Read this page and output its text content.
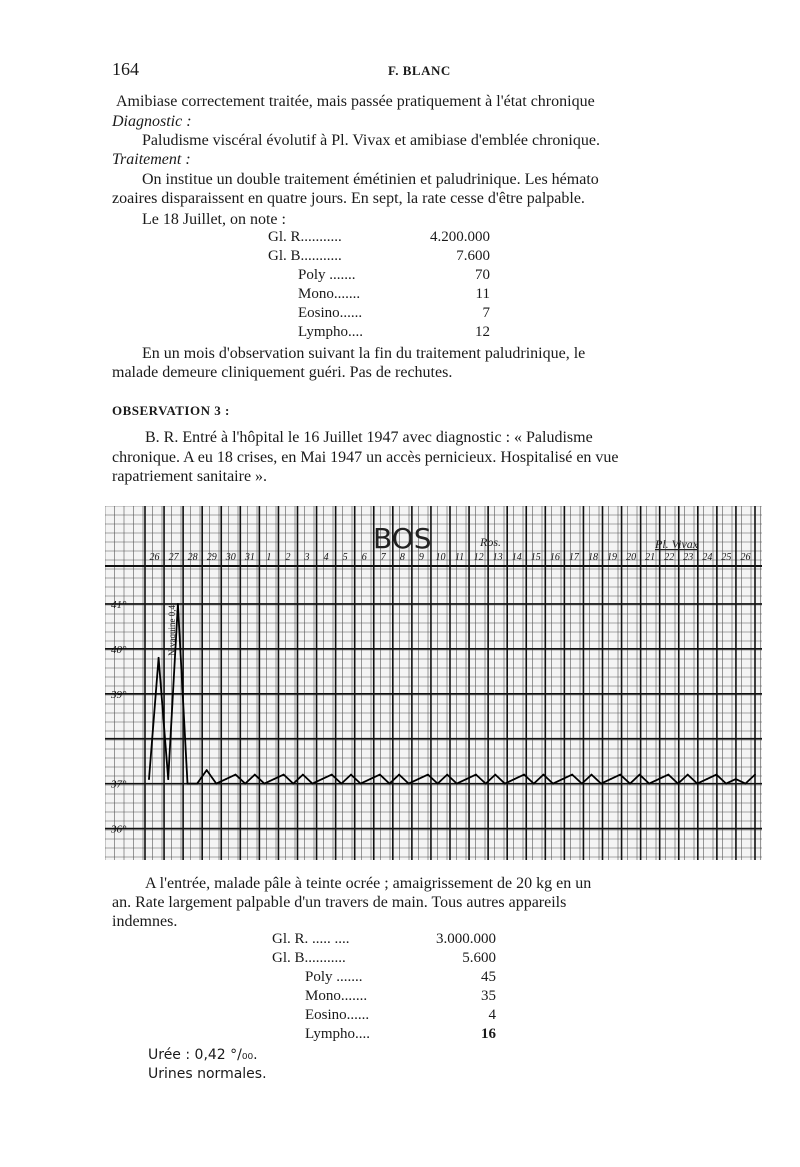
164	F. BLANC
Amibiase correctement traitée, mais passée pratiquement à l'état chronique
Diagnostic :
Paludisme viscéral évolutif à Pl. Vivax et amibiase d'emblée chronique.
Traitement :
On institue un double traitement émétinien et paludrinique. Les hémato
zoaires disparaissent en quatre jours. En sept, la rate cesse d'être palpable.
Le 18 Juillet, on note :
Gl. R...........	4.200.000
Gl. B...........	7.600
Poly .......	70
Mono.......	11
Eosino......	7
Lympho....	12
En un mois d'observation suivant la fin du traitement paludrinique, le
malade demeure cliniquement guéri. Pas de rechutes.
OBSERVATION 3 :
B. R. Entré à l'hôpital le 16 Juillet 1947 avec diagnostic : « Paludisme
chronique. A eu 18 crises, en Mai 1947 un accès pernicieux. Hospitalisé en vue
rapatriement sanitaire ».
26 27 28 29 30 31 1 2 3 4 5 6 7 8 9 10 11 12 13 14 15 16 17 18 19 20 21 22 23 24 25 26
41°
40°
39°
37°
36°
BOS	Ros.	Pl. Vivax
Nivaquine 0,4
A l'entrée, malade pâle à teinte ocrée ; amaigrissement de 20 kg en un
an. Rate largement palpable d'un travers de main. Tous autres appareils
indemnes.
Gl. R. ..... ....	3.000.000
Gl. B...........	5.600
Poly .......	45
Mono.......	35
Eosino......	4
Lympho....	16
Urée : 0,42 °/₀₀.
Urines normales.
